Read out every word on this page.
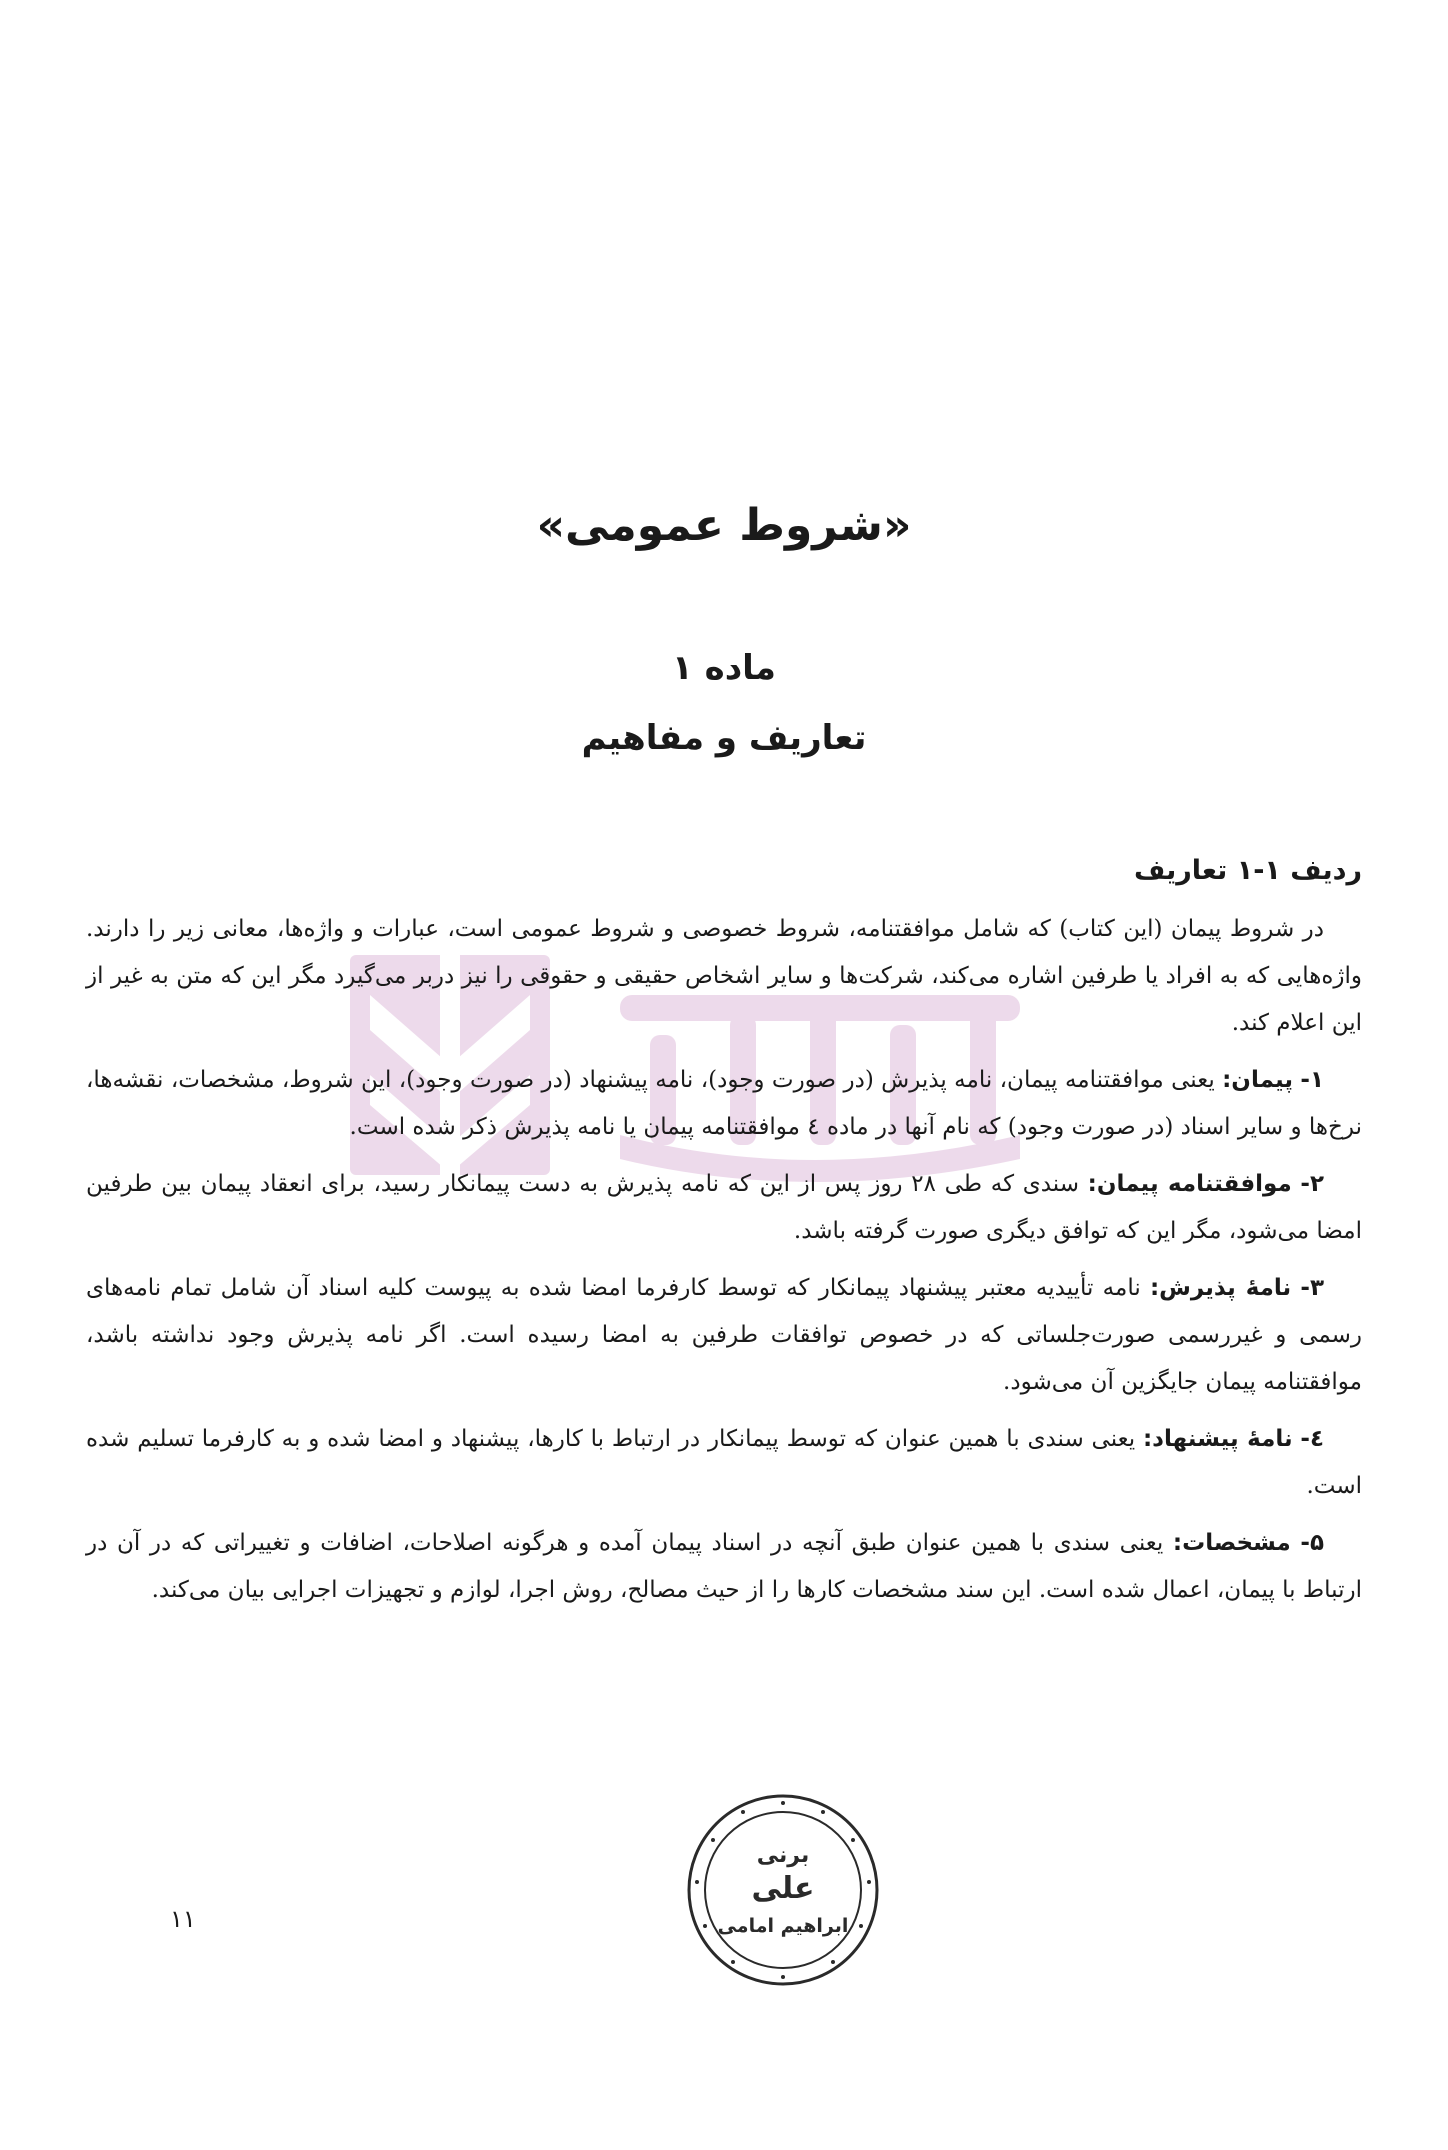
«شروط عمومی»
ماده ۱
تعاریف و مفاهیم
ردیف ۱-۱ تعاریف

در شروط پیمان (این کتاب) که شامل موافقتنامه، شروط خصوصی و شروط عمومی است، عبارات و واژه‌ها، معانی زیر را دارند. واژه‌هایی که به افراد یا طرفین اشاره می‌کند، شرکت‌ها و سایر اشخاص حقیقی و حقوقی را نیز دربر می‌گیرد مگر این که متن به غیر از این اعلام کند.

۱- پیمان: یعنی موافقتنامه پیمان، نامه پذیرش (در صورت وجود)، نامه پیشنهاد (در صورت وجود)، این شروط، مشخصات، نقشه‌ها، نرخ‌ها و سایر اسناد (در صورت وجود) که نام آنها در ماده ٤ موافقتنامه پیمان یا نامه پذیرش ذکر شده است.

۲- موافقتنامه پیمان: سندی که طی ۲۸ روز پس از این که نامه پذیرش به دست پیمانکار رسید، برای انعقاد پیمان بین طرفین امضا می‌شود، مگر این که توافق دیگری صورت گرفته باشد.

۳- نامهٔ پذیرش: نامه تأییدیه معتبر پیشنهاد پیمانکار که توسط کارفرما امضا شده به پیوست کلیه اسناد آن شامل تمام نامه‌های رسمی و غیررسمی صورت‌جلساتی که در خصوص توافقات طرفین به امضا رسیده است. اگر نامه پذیرش وجود نداشته باشد، موافقتنامه پیمان جایگزین آن می‌شود.

٤- نامهٔ پیشنهاد: یعنی سندی با همین عنوان که توسط پیمانکار در ارتباط با کارها، پیشنهاد و امضا شده و به کارفرما تسلیم شده است.

۵- مشخصات: یعنی سندی با همین عنوان طبق آنچه در اسناد پیمان آمده و هرگونه اصلاحات، اضافات و تغییراتی که در آن در ارتباط با پیمان، اعمال شده است. این سند مشخصات کارها را از حیث مصالح، روش اجرا، لوازم و تجهیزات اجرایی بیان می‌کند.

۱۱

برنی
علی
ابراهیم امامی
